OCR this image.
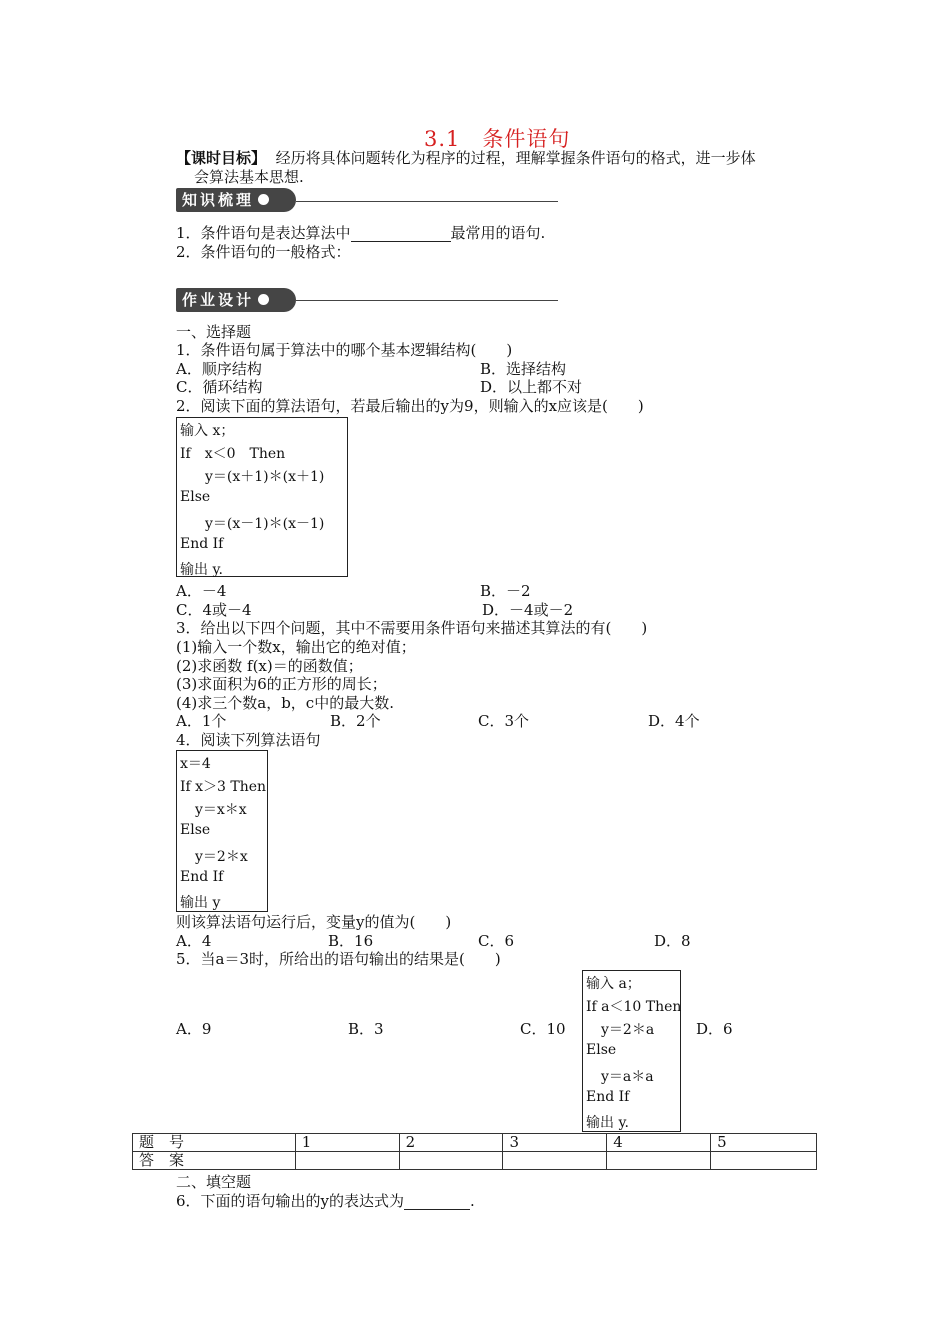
3.1　条件语句
【课时目标】 经历将具体问题转化为程序的过程，理解掌握条件语句的格式，进一步体
会算法基本思想.
知识梳理
1．条件语句是表达算法中	最常用的语句.
2．条件语句的一般格式：
作业设计
一、选择题
1．条件语句属于算法中的哪个基本逻辑结构(　　)
A．顺序结构	B．选择结构
C．循环结构	D．以上都不对
2．阅读下面的算法语句，若最后输出的y为9，则输入的x应该是(　　)
输入 x；
If　x＜0　Then
y＝(x＋1)＊(x＋1)
Else
y＝(x－1)＊(x－1)
End If
输出 y.
A．－4	B．－2
C．4或－4	D．－4或－2
3．给出以下四个问题，其中不需要用条件语句来描述其算法的有(　　)
(1)输入一个数x，输出它的绝对值；
(2)求函数 f(x)＝的函数值；
(3)求面积为6的正方形的周长；
(4)求三个数a，b，c中的最大数.
A．1个	B．2个	C．3个	D．4个
4．阅读下列算法语句
x＝4
If x＞3 Then
y＝x＊x
Else
y＝2＊x
End If
输出 y
则该算法语句运行后，变量y的值为(　　)
A．4	B．16	C．6	D．8
5．当a＝3时，所给出的语句输出的结果是(　　)
输入 a；
If a＜10 Then
y＝2＊a
Else
y＝a＊a
End If
输出 y.
A．9	B．3	C．10	D．6
题　号	1	2	3	4	5
答　案					
二、填空题
6．下面的语句输出的y的表达式为	.
